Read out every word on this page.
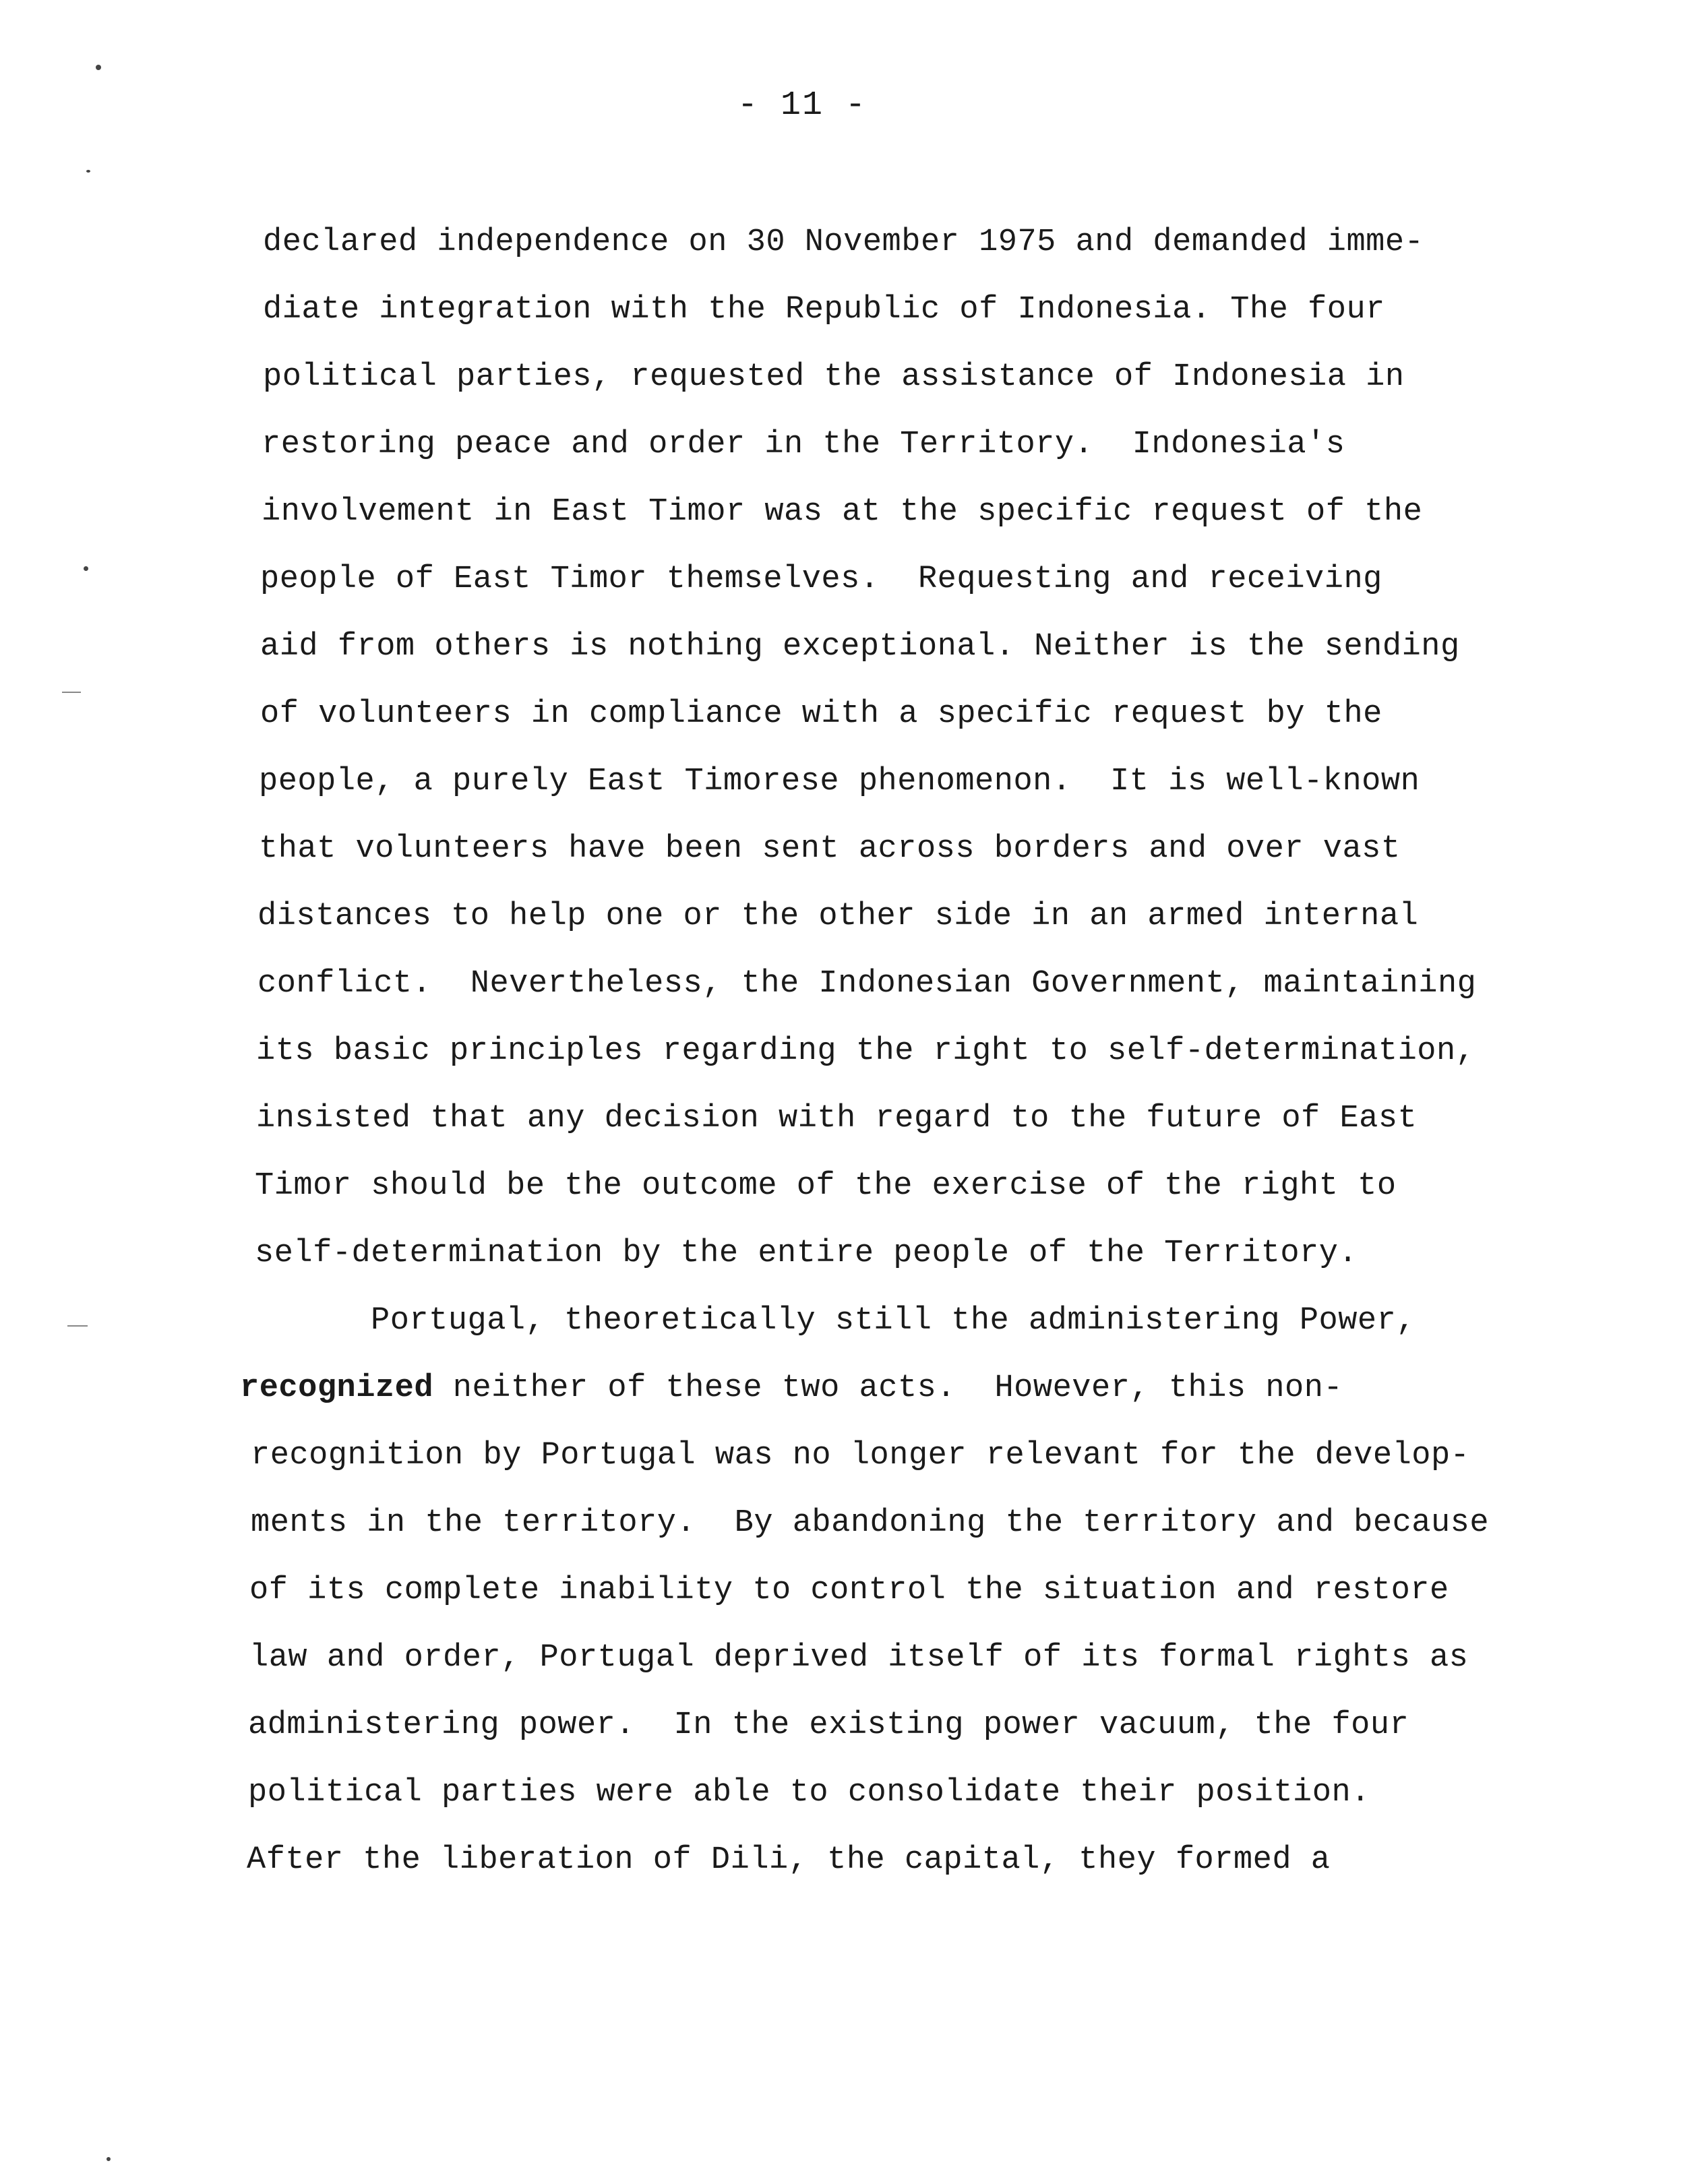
- 11 -
declared independence on 30 November 1975 and demanded imme-
diate integration with the Republic of Indonesia. The four
political parties, requested the assistance of Indonesia in
restoring peace and order in the Territory.  Indonesia's
involvement in East Timor was at the specific request of the
people of East Timor themselves.  Requesting and receiving
aid from others is nothing exceptional. Neither is the sending
of volunteers in compliance with a specific request by the
people, a purely East Timorese phenomenon.  It is well-known
that volunteers have been sent across borders and over vast
distances to help one or the other side in an armed internal
conflict.  Nevertheless, the Indonesian Government, maintaining
its basic principles regarding the right to self-determination,
insisted that any decision with regard to the future of East
Timor should be the outcome of the exercise of the right to
self-determination by the entire people of the Territory.
Portugal, theoretically still the administering Power,
recognized neither of these two acts.  However, this non-
recognition by Portugal was no longer relevant for the develop-
ments in the territory.  By abandoning the territory and because
of its complete inability to control the situation and restore
law and order, Portugal deprived itself of its formal rights as
administering power.  In the existing power vacuum, the four
political parties were able to consolidate their position.
After the liberation of Dili, the capital, they formed a
